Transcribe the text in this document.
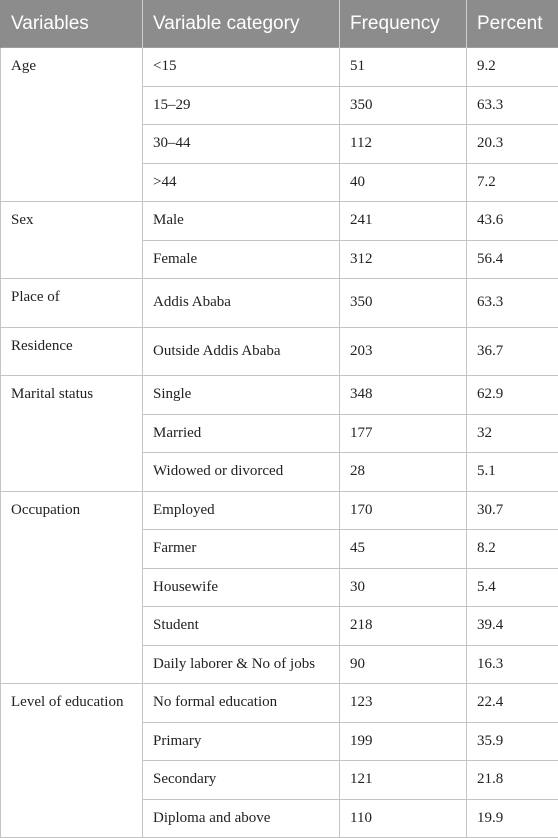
Variables	Variable category	Frequency	Percent
Age	<15	51	9.2
	15–29	350	63.3
	30–44	112	20.3
	>44	40	7.2
Sex	Male	241	43.6
	Female	312	56.4
Place of	Addis Ababa	350	63.3
Residence	Outside Addis Ababa	203	36.7
Marital status	Single	348	62.9
	Married	177	32
	Widowed or divorced	28	5.1
Occupation	Employed	170	30.7
	Farmer	45	8.2
	Housewife	30	5.4
	Student	218	39.4
	Daily laborer & No of jobs	90	16.3
Level of education	No formal education	123	22.4
	Primary	199	35.9
	Secondary	121	21.8
	Diploma and above	110	19.9
